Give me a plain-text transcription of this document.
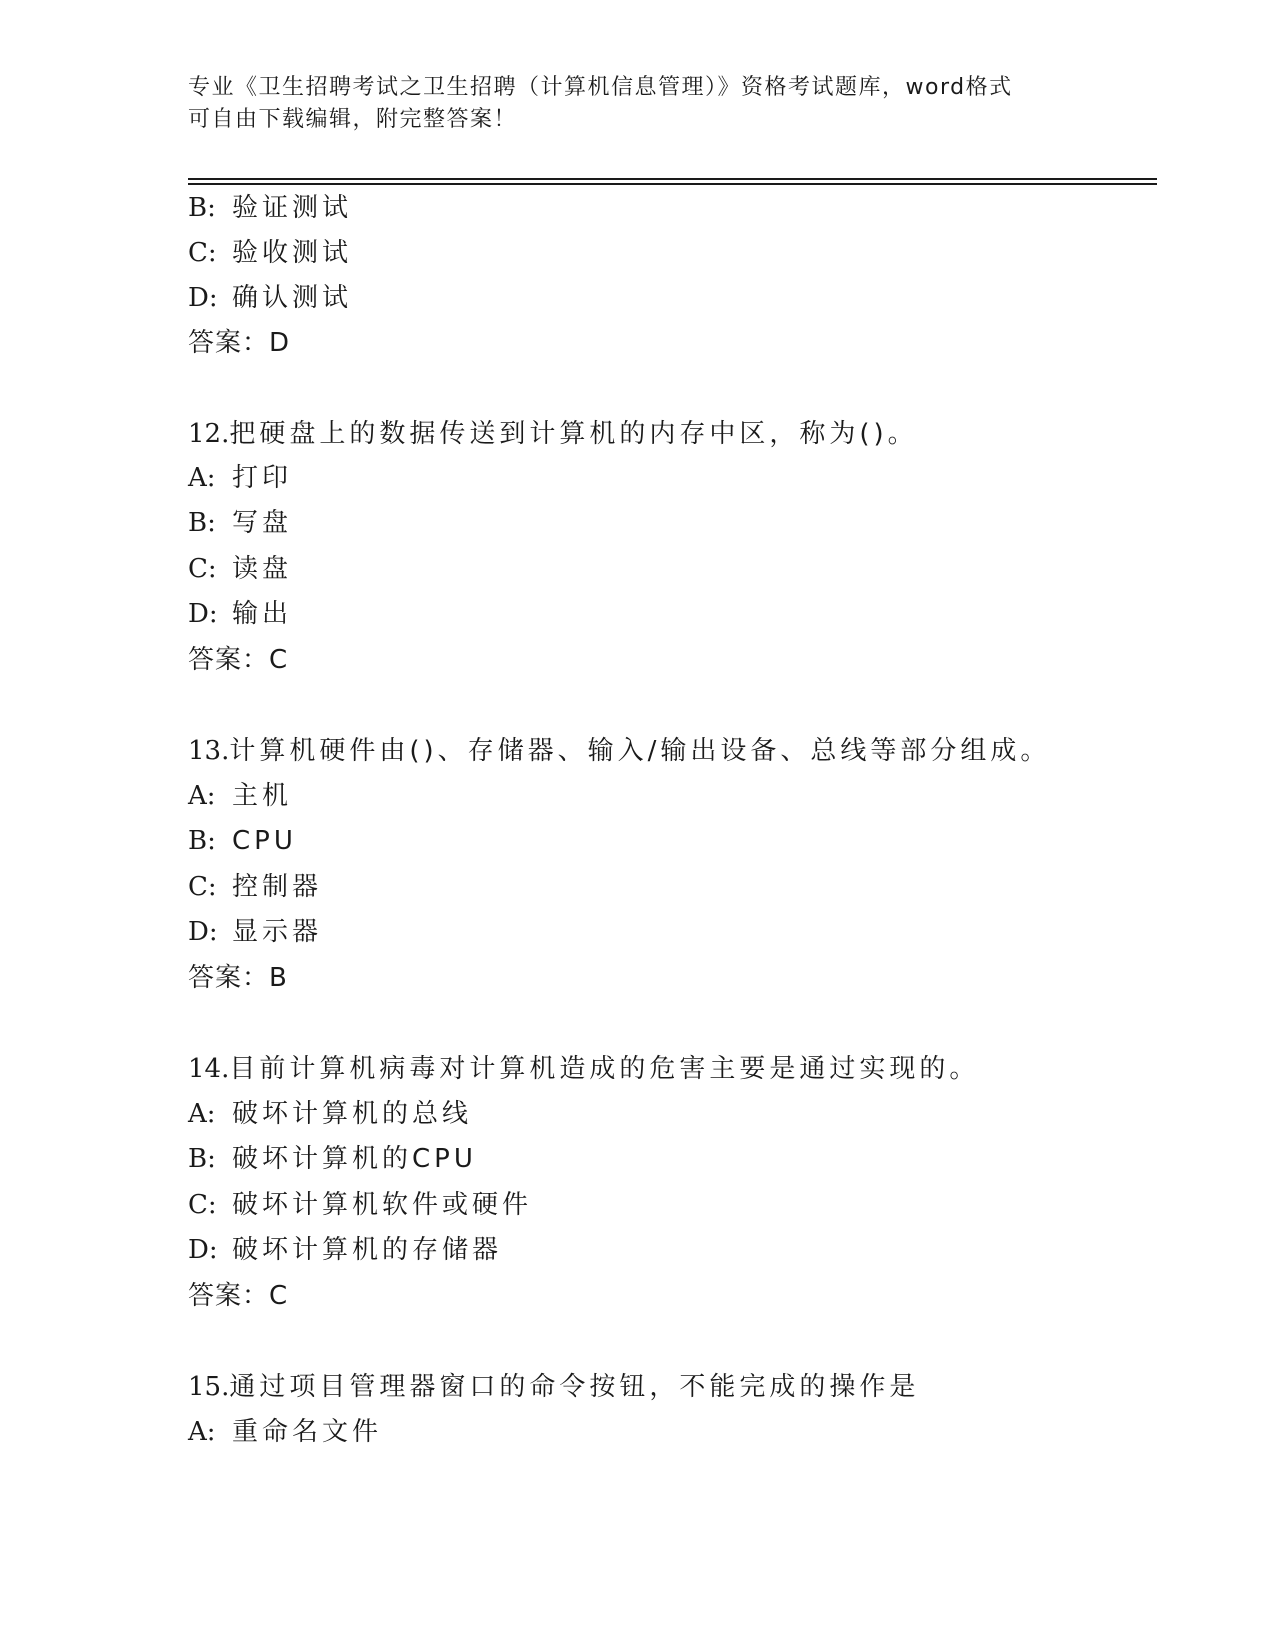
专业《卫生招聘考试之卫生招聘（计算机信息管理）》资格考试题库，word格式
可自由下载编辑，附完整答案！
B: 验证测试
C: 验收测试
D: 确认测试
答案：D
12.把硬盘上的数据传送到计算机的内存中区，称为()。
A: 打印
B: 写盘
C: 读盘
D: 输出
答案：C
13.计算机硬件由()、存储器、输入/输出设备、总线等部分组成。
A: 主机
B: CPU
C: 控制器
D: 显示器
答案：B
14.目前计算机病毒对计算机造成的危害主要是通过实现的。
A: 破坏计算机的总线
B: 破坏计算机的CPU
C: 破坏计算机软件或硬件
D: 破坏计算机的存储器
答案：C
15.通过项目管理器窗口的命令按钮，不能完成的操作是
A: 重命名文件
